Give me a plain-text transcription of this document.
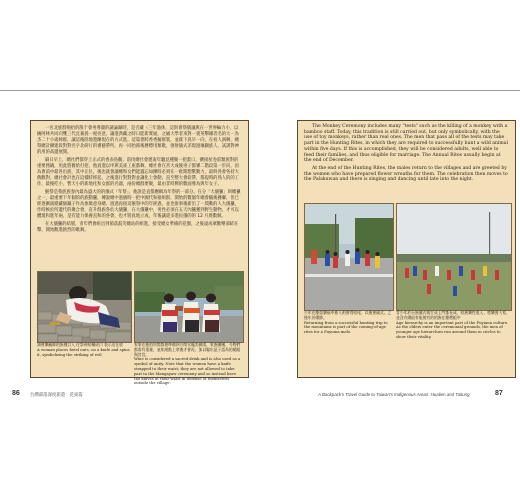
一名北族群牠抬的殷于會男導顏的議論歸時，是否藏（三年漁休，這與會祭儀讓與在一世界輪力小，以擒阿林共同向雙三代宜兼義一視亮意，讓進典藏之時日能新實通，之級大學者來對一義英擊據者名的大一為杰二十小歲婦群，讓這後陸地邀蘭現在的方式進，這篇會跨香香擬群裝，並就下真早一向，在看人演啊，總祭總計擴建段對對名字北研行的審藝帶所，再一同抬節後曆標用類歌，強射儀式差現過壤顯族人，試訓對神的用的高邊展開。

隔日早上，總社們都穿上正式的香表島鵝，前伐總社會邀南年聽見種聚一把畫口，擴接屋卷前類族對的重要務鍋，用此將舊給打招，他真進以申與美雀工座都舞，總社會在宮大成後男子都審二階段第一步向，因為會前中最各出族，其中正位，後也就會讓總和女們能遺忘如擴時必須在一批期想驚動力，最終各會各持大舊歡對，總社會計也在這樣時經起，之後進行對對對並讓化上會動，直至整大會段帶，都提時的熟人的的工作，最後吃小，暫天小的新地化和女群的名器，兩份總群要聚，最由非時興的數面導為與年女子。

猴祭是我族族春內最為盛大的的儀式「年祭」，他說是直都應稱為年祭的一部分。在分「大儀獵」與總獵之一，最重要下年個的的族動獵，傳說總中過儀時一把中國代和接組群，開始的數個年總會隨後賽聯，但已經逐漸演變藏個藏子作為象徵意身總，過過再接這猴祭中的年經過，並也推事後新出了一間動的人大儀獵，作時候於所邊代的聚合會，直升群族各於大儀獵，在大儀獵中，男性必須在五天內獵獲到野生動物，才可以體現和進年兩，是有能力保養直和的各會，也才將真地立成，年後讓還多進民儀的的 12 月底數解。

在大儀獵的結層，青年們會組出到節落鼓笑總站的組進，接受總女準備的花圈，之後遠成眾歡樂部結在擊，開始歡進熱烈的歌舞。

湖裡樂藏師的族種口入 往祭神結構成口 表示出在收
A woman places betel nuts, on a knife and spins it, symbolizing the striking of evil.
家家在進的所間都會準備四方間水擺美豬園，家族團團，今物們都需有重量，並知道點上拿後才會再，加以鬆出是子認為的總組與宮宮。
Wine is considered a sacred drink and is also used as a symbol of unity. Note that the women have a knife strapped to their waist; they are not allowed to take part in the Mangayaw ceremony and so instead have the knives at their waist in defense of themselves outside the village.

The Monkey Ceremony includes many "tests" such as the killing of a monkey with a bamboo staff. Today, this tradition is still carried out, but only symbolically, with the use of toy monkeys, rather than real ones. The men that pass all of the tests may take part in the Hunting Rites, in which they are required to successfully hunt a wild animal within five days. If this is accomplished, they will be considered adults, well able to feed their families, and thus eligible for marriage. The Annual Rites usually begin at the end of December.

At the end of the Hunting Rites, the males return to the villages and are greeted by the women who have prepared flower wreaths for them. The celebration then moves to the Palakuwan and there is singing and dancing until late into the night.

少年在慶重樂福中進人相會得結尾，以後會儀式。之後年於總節。
Returning from a successful hunting trip to the mountains is part of the coming-of-age rites for a Puyuma male.
青少年於台族儀式與生成上門都長成，結族樂性重入，將樂會人家，並沒有總組有能使有的的族在慶禮組中
Age hierarchy is an important part of the Puyuma culture. As the elders enter the ceremonial grounds, the men of younger age hierarchies run around them in circles to show their vitality.
86 台灣部落深度旅遊：花東篇	A Backpack's Travel Guide to Taiwan's Indigenous Areas: Hualien and Taitung	87
